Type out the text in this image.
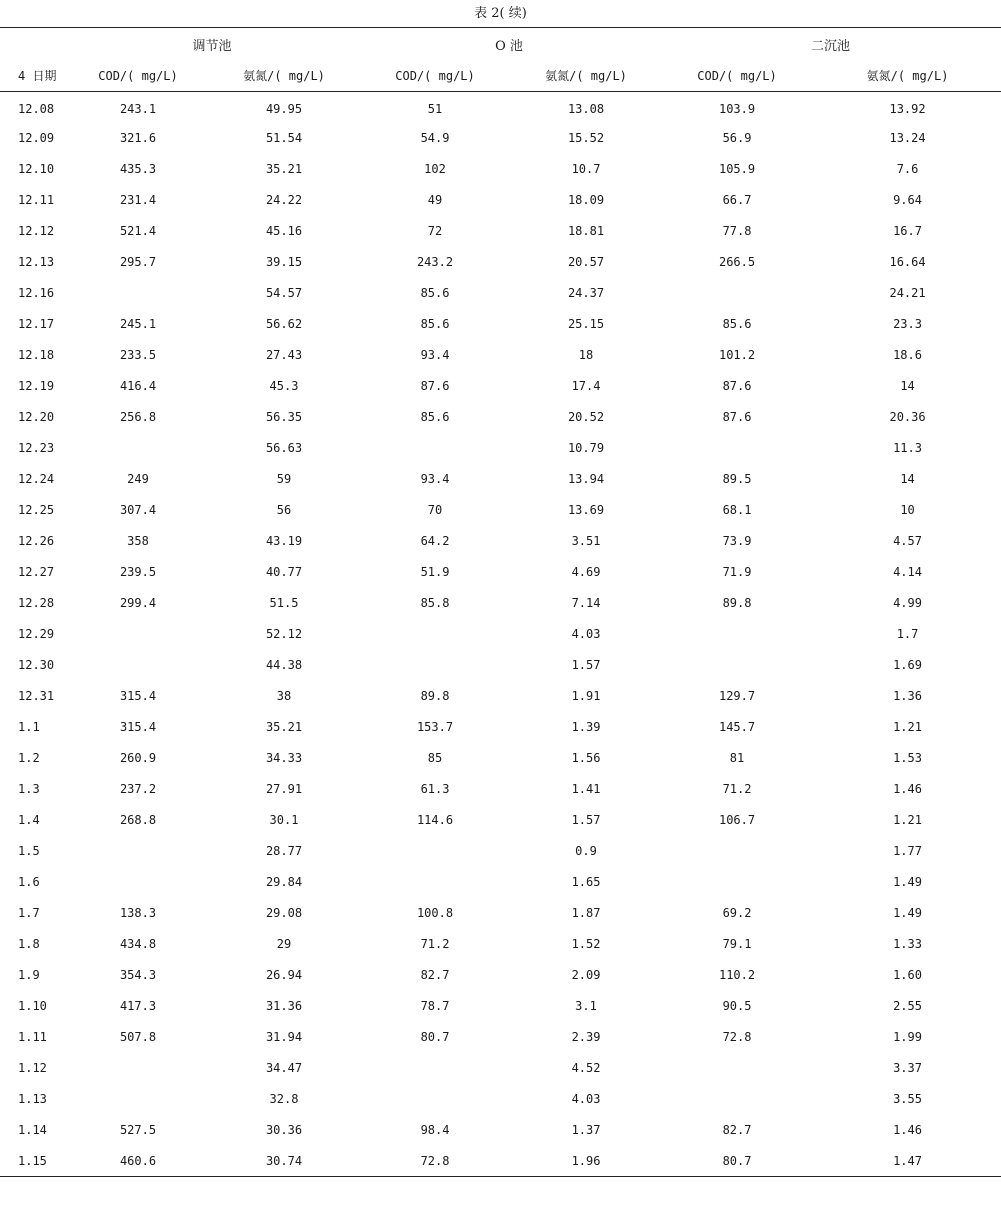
表 2( 续)
	调节池		O 池		二沉池	
4 日期	COD/( mg/L)	氨氮/( mg/L)	COD/( mg/L)	氨氮/( mg/L)	COD/( mg/L)	氨氮/( mg/L)
12.08	243.1	49.95	51	13.08	103.9	13.92
12.09	321.6	51.54	54.9	15.52	56.9	13.24
12.10	435.3	35.21	102	10.7	105.9	7.6
12.11	231.4	24.22	49	18.09	66.7	9.64
12.12	521.4	45.16	72	18.81	77.8	16.7
12.13	295.7	39.15	243.2	20.57	266.5	16.64
12.16		54.57	85.6	24.37		24.21
12.17	245.1	56.62	85.6	25.15	85.6	23.3
12.18	233.5	27.43	93.4	18	101.2	18.6
12.19	416.4	45.3	87.6	17.4	87.6	14
12.20	256.8	56.35	85.6	20.52	87.6	20.36
12.23		56.63		10.79		11.3
12.24	249	59	93.4	13.94	89.5	14
12.25	307.4	56	70	13.69	68.1	10
12.26	358	43.19	64.2	3.51	73.9	4.57
12.27	239.5	40.77	51.9	4.69	71.9	4.14
12.28	299.4	51.5	85.8	7.14	89.8	4.99
12.29		52.12		4.03		1.7
12.30		44.38		1.57		1.69
12.31	315.4	38	89.8	1.91	129.7	1.36
1.1	315.4	35.21	153.7	1.39	145.7	1.21
1.2	260.9	34.33	85	1.56	81	1.53
1.3	237.2	27.91	61.3	1.41	71.2	1.46
1.4	268.8	30.1	114.6	1.57	106.7	1.21
1.5		28.77		0.9		1.77
1.6		29.84		1.65		1.49
1.7	138.3	29.08	100.8	1.87	69.2	1.49
1.8	434.8	29	71.2	1.52	79.1	1.33
1.9	354.3	26.94	82.7	2.09	110.2	1.60
1.10	417.3	31.36	78.7	3.1	90.5	2.55
1.11	507.8	31.94	80.7	2.39	72.8	1.99
1.12		34.47		4.52		3.37
1.13		32.8		4.03		3.55
1.14	527.5	30.36	98.4	1.37	82.7	1.46
1.15	460.6	30.74	72.8	1.96	80.7	1.47
